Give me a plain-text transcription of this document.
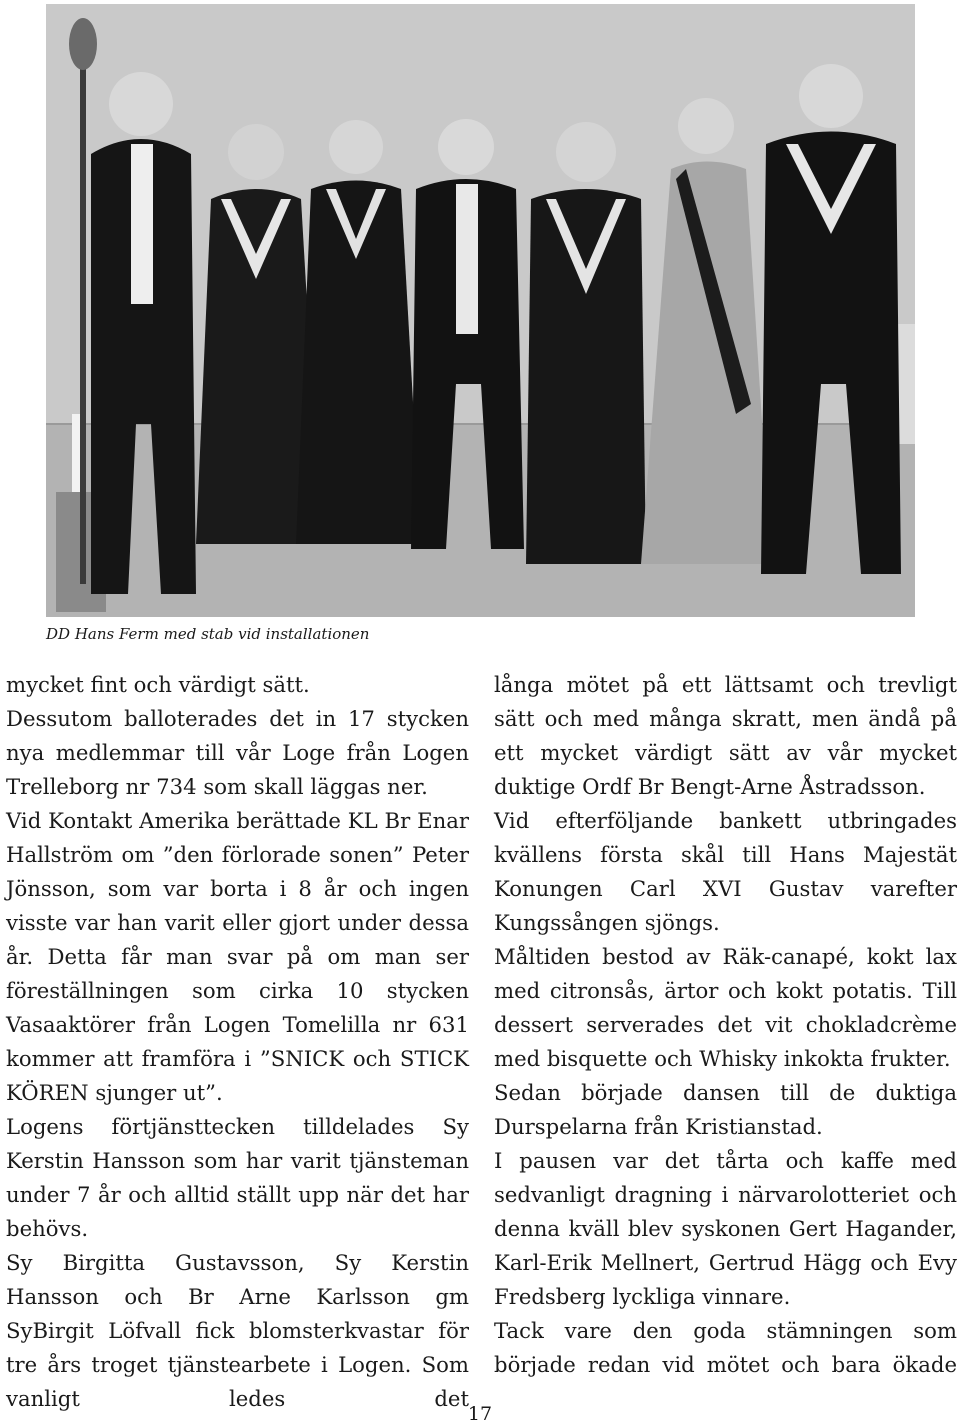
DD Hans Ferm med stab vid installationen

mycket fint och värdigt sätt.

Dessutom balloterades det in 17 stycken nya medlemmar till vår Loge från Logen Trelleborg nr 734 som skall läggas ner.

Vid Kontakt Amerika berättade KL Br Enar Hallström om ”den förlorade sonen” Peter Jönsson, som var borta i 8 år och ingen visste var han varit eller gjort under dessa år. Detta får man svar på om man ser föreställningen som cirka 10 stycken Vasaaktörer från Logen Tomelilla nr 631 kommer att framföra i ”SNICK och STICK KÖREN sjunger ut”.

Logens förtjänsttecken tilldelades Sy Kerstin Hansson som har varit tjänsteman under 7 år och alltid ställt upp när det har behövs.

Sy Birgitta Gustavsson, Sy Kerstin Hansson och Br Arne Karlsson gm SyBirgit Löfvall fick blomsterkvastar för tre års troget tjänstearbete i Logen. Som vanligt ledes det

långa mötet på ett lättsamt och trevligt sätt och med många skratt, men ändå på ett mycket värdigt sätt av vår mycket duktige Ordf Br Bengt-Arne Åstradsson.

Vid efterföljande bankett utbringades kvällens första skål till Hans Majestät Konungen Carl XVI Gustav varefter Kungssången sjöngs.

Måltiden bestod av Räk-canapé, kokt lax med citronsås, ärtor och kokt potatis. Till dessert serverades det vit chokladcrème med bisquette och Whisky inkokta frukter.

Sedan började dansen till de duktiga Durspelarna från Kristianstad.

I pausen var det tårta och kaffe med sedvanligt dragning i närvarolotteriet och denna kväll blev syskonen Gert Hagander, Karl-Erik Mellnert, Gertrud Hägg och Evy Fredsberg lyckliga vinnare.

Tack vare den goda stämningen som började redan vid mötet och bara ökade

17
